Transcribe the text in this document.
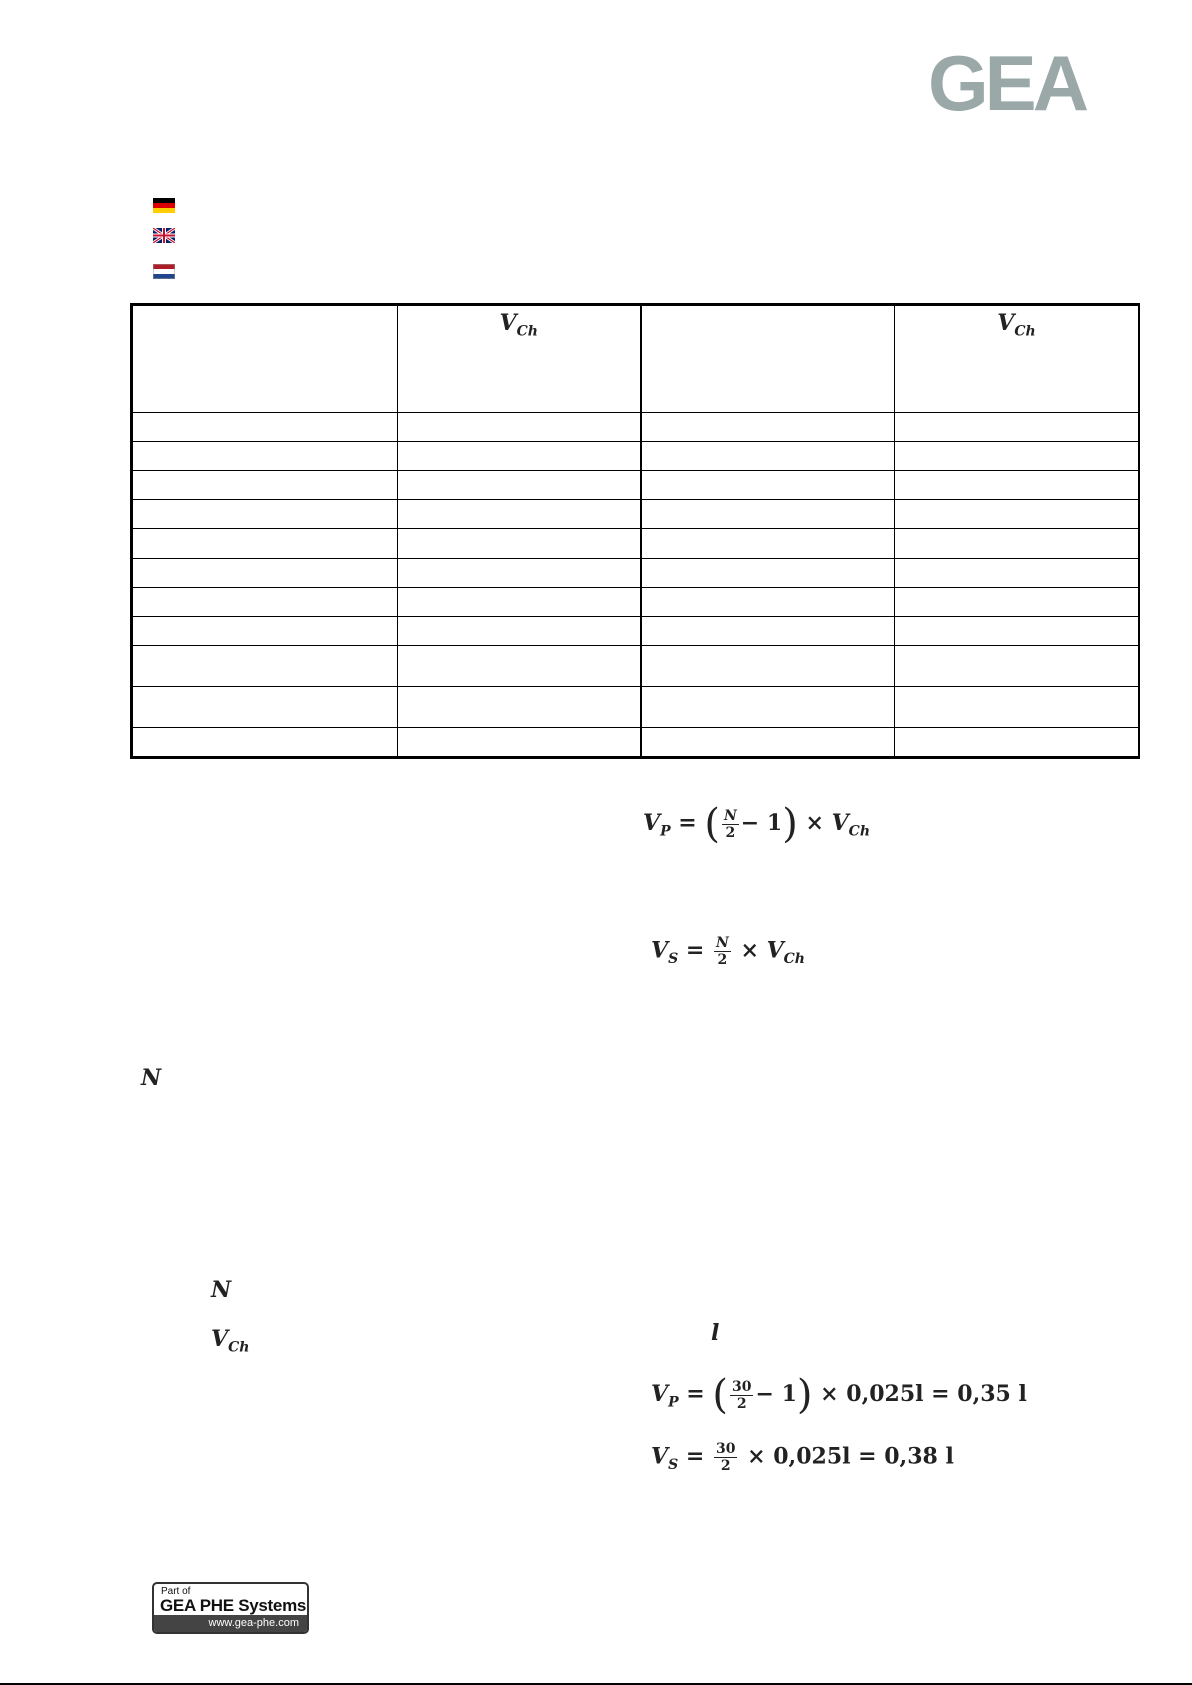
GEA

	$V_{Ch}$		$V_{Ch}$

$V_P$ = ( $\frac{N}{2} - 1) \times V_{Ch}$
$V_S = \frac{N}{2} \times V_{Ch}$
N
N
$V_{Ch}$
l
$V_P$ = ( $\frac{30}{2} - 1) \times 0,025l = 0,35$ l
$V_S = \frac{30}{2} \times 0,025l = 0,38$ l
Part of
GEA PHE Systems
www.gea-phe.com
